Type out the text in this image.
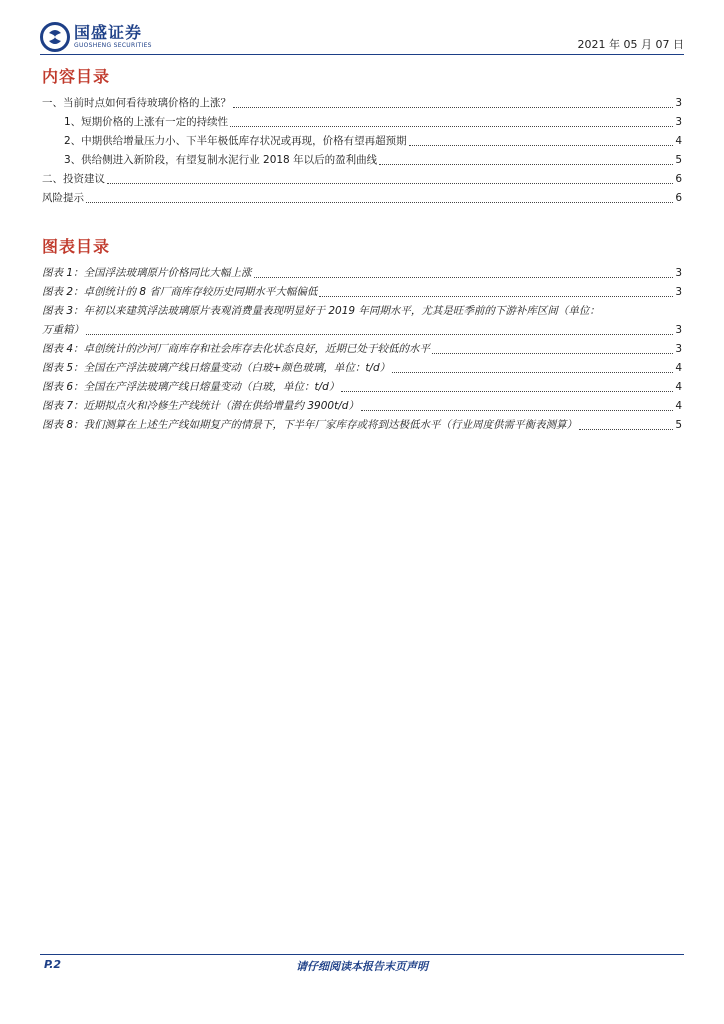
国盛证券
GUOSHENG SECURITIES	2021 年 05 月 07 日
内容目录
一、当前时点如何看待玻璃价格的上涨？	3
1、短期价格的上涨有一定的持续性	3
2、中期供给增量压力小、下半年极低库存状况或再现，价格有望再超预期	4
3、供给侧进入新阶段，有望复制水泥行业 2018 年以后的盈利曲线	5
二、投资建议	6
风险提示	6
图表目录
图表 1：全国浮法玻璃原片价格同比大幅上涨	3
图表 2：卓创统计的 8 省厂商库存较历史同期水平大幅偏低	3
图表 3：年初以来建筑浮法玻璃原片表观消费量表现明显好于 2019 年同期水平，尤其是旺季前的下游补库区间（单位：
万重箱）	3
图表 4：卓创统计的沙河厂商库存和社会库存去化状态良好，近期已处于较低的水平	3
图表 5：全国在产浮法玻璃产线日熔量变动（白玻+颜色玻璃，单位：t/d）	4
图表 6：全国在产浮法玻璃产线日熔量变动（白玻，单位：t/d）	4
图表 7：近期拟点火和冷修生产线统计（潜在供给增量约 3900t/d）	4
图表 8：我们测算在上述生产线如期复产的情景下，下半年厂家库存或将到达极低水平（行业周度供需平衡表测算）	5
P.2	请仔细阅读本报告末页声明
